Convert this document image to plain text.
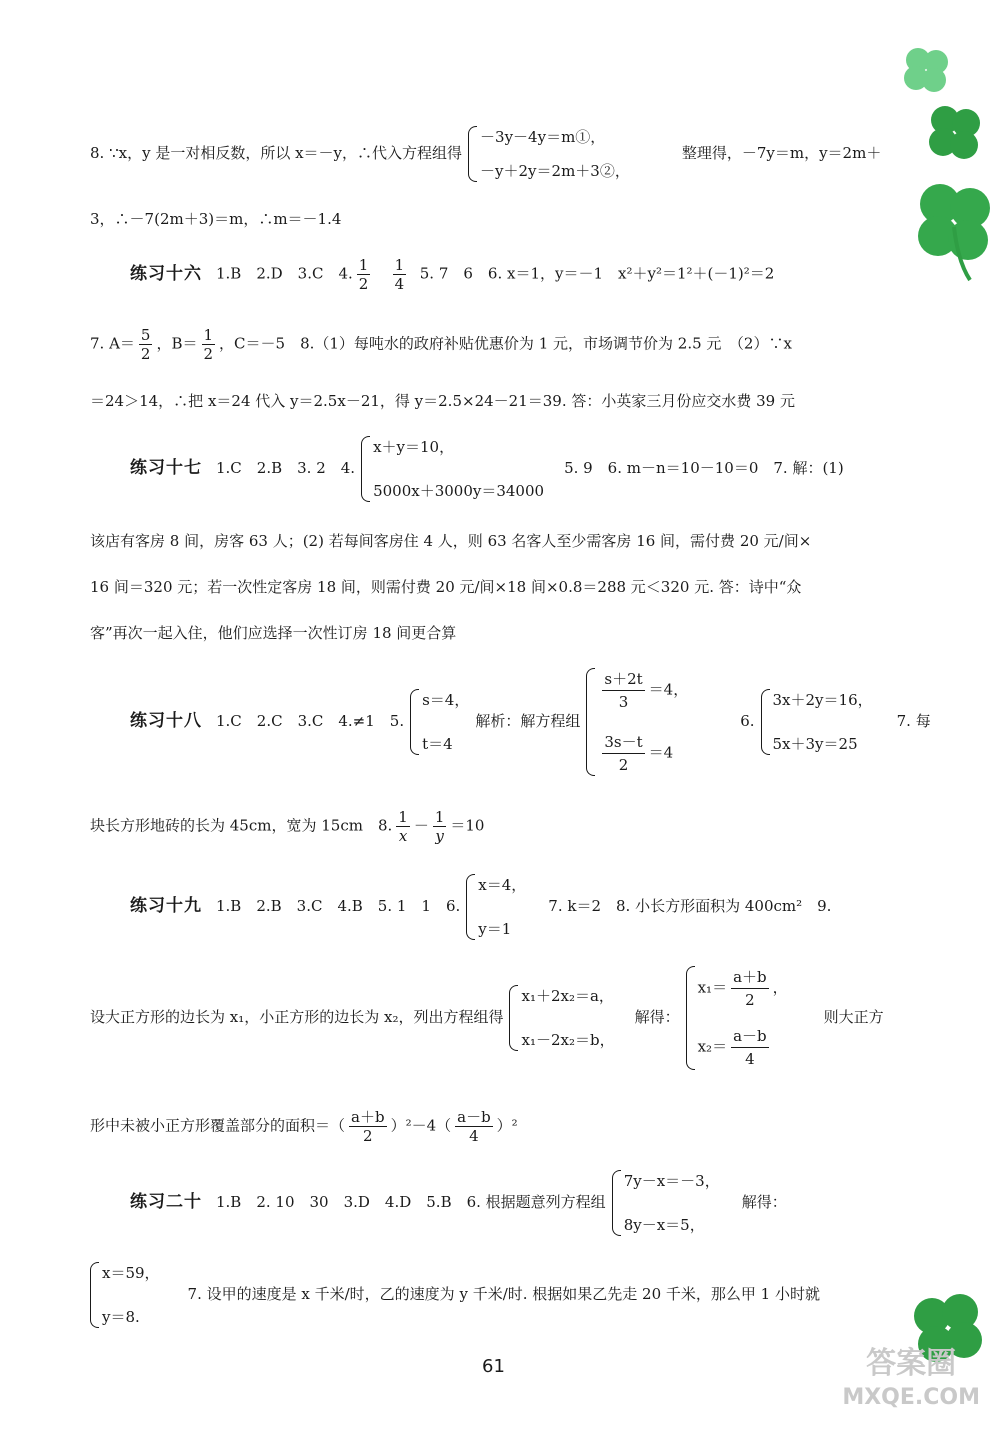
8. ∵x，y 是一对相反数，所以 x＝－y，∴代入方程组得
－3y－4y＝m①，
－y＋2y＝2m＋3②，
整理得，－7y＝m，y＝2m＋
3，∴－7(2m＋3)＝m，∴m＝－1.4
练习十六 1.B　2.D　3.C　4. $\frac{1}{2}$
$\frac{1}{4} 5$. 7　6　6. x＝1，y＝－1　x²＋y²＝1²＋(－1)²＝2
7. $A= \frac{5}{2}$ ，$B= \frac{1}{2}$ ，C＝－5　8.（1）每吨水的政府补贴优惠价为 1 元，市场调节价为 2.5 元　（2）∵x
＝24＞14，∴把 x＝24 代入 y＝2.5x－21，得 y＝2.5×24－21＝39. 答：小英家三月份应交水费 39 元
练习十七 1.C　2.B　3. 2　4.
x＋y＝10，
5000x＋3000y＝34000
5. 9　6. m－n＝10－10＝0　7. 解：(1)
该店有客房 8 间，房客 63 人；(2) 若每间客房住 4 人，则 63 名客人至少需客房 16 间，需付费 20 元/间×
16 间＝320 元；若一次性定客房 18 间，则需付费 20 元/间×18 间×0.8＝288 元＜320 元. 答：诗中“众
客”再次一起入住，他们应选择一次性订房 18 间更合算
练习十八 1.C　2.C　3.C　4.≠1　5.
s＝4，
t＝4
解析：解方程组
$\frac{s+2t}{3} =4$，
$\frac{3s-t}{2} =4$
6.
3x＋2y＝16，
5x＋3y＝25
7. 每
块长方形地砖的长为 45cm，宽为 15cm　8. $\frac{1}{x} - \frac{1}{y} =10$
练习十九 1.B　2.B　3.C　4.B　5. 1　1　6.
x＝4，
y＝1
7. k＝2　8. 小长方形面积为 400cm²　9.
设大正方形的边长为 x₁，小正方形的边长为 x₂，列出方程组得
x₁＋2x₂＝a，
x₁－2x₂＝b，
解得：
$x_1= \frac{a+b}{2}$ ，
$x_2= \frac{a-b}{4}$
则大正方
形中未被小正方形覆盖部分的面积＝（ $\frac{a+b}{2} )^2-4( \frac{a-b}{4} )^2$
练习二十 1.B　2. 10　30　3.D　4.D　5.B　6. 根据题意列方程组
7y－x＝－3，
8y－x＝5，
解得：
x＝59，
y＝8.
7. 设甲的速度是 x 千米/时，乙的速度为 y 千米/时. 根据如果乙先走 20 千米，那么甲 1 小时就
61	答案圈
MXQE.COM
